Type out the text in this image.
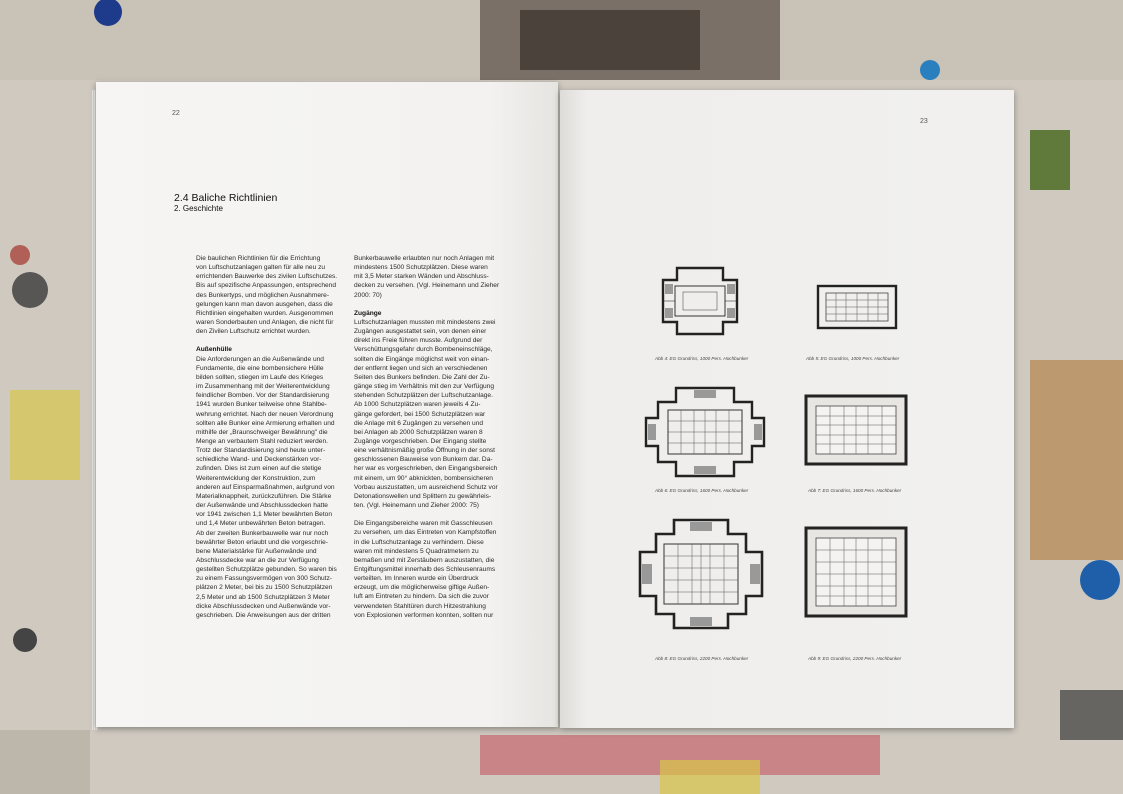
22
2.4 Baliche Richtlinien
2. Geschichte

Die baulichen Richtlinien für die Errichtung

von Luftschutzanlagen galten für alle neu zu

errichtenden Bauwerke des zivilen Luftschutzes.

Bis auf spezifische Anpassungen, entsprechend

des Bunkertyps, und möglichen Ausnahmere-

gelungen kann man davon ausgehen, dass die

Richtlinien eingehalten wurden. Ausgenommen

waren Sonderbauten und Anlagen, die nicht für

den Zivilen Luftschutz errichtet wurden.

Außenhülle

Die Anforderungen an die Außenwände und

Fundamente, die eine bombensichere Hülle

bilden sollten, stiegen im Laufe des Krieges

im Zusammenhang mit der Weiterentwicklung

feindlicher Bomben. Vor der Standardisierung

1941 wurden Bunker teilweise ohne Stahlbe-

wehrung errichtet. Nach der neuen Verordnung

sollten alle Bunker eine Armierung erhalten und

mithilfe der „Braunschweiger Bewährung" die

Menge an verbautem Stahl reduziert werden.

Trotz der Standardisierung sind heute unter-

schiedliche Wand- und Deckenstärken vor-

zufinden. Dies ist zum einen auf die stetige

Weiterentwicklung der Konstruktion, zum

anderen auf Einsparmaßnahmen, aufgrund von

Materialknappheit, zurückzuführen. Die Stärke

der Außenwände und Abschlussdecken hatte

vor 1941 zwischen 1,1 Meter bewährten Beton

und 1,4 Meter unbewährten Beton betragen.

Ab der zweiten Bunkerbauwelle war nur noch

bewährter Beton erlaubt und die vorgeschrie-

bene Materialstärke für Außenwände und

Abschlussdecke war an die zur Verfügung

gestellten Schutzplätze gebunden. So waren bis

zu einem Fassungsvermögen von 300 Schutz-

plätzen 2 Meter, bei bis zu 1500 Schutzplätzen

2,5 Meter und ab 1500 Schutzplätzen 3 Meter

dicke Abschlussdecken und Außenwände vor-

geschrieben. Die Anweisungen aus der dritten

Bunkerbauwelle erlaubten nur noch Anlagen mit

mindestens 1500 Schutzplätzen. Diese waren

mit 3,5 Meter starken Wänden und Abschluss-

decken zu versehen. (Vgl. Heinemann und Zieher

2000: 70)

Zugänge

Luftschutzanlagen mussten mit mindestens zwei

Zugängen ausgestattet sein, von denen einer

direkt ins Freie führen musste. Aufgrund der

Verschüttungsgefahr durch Bombeneinschläge,

sollten die Eingänge möglichst weit von einan-

der entfernt liegen und sich an verschiedenen

Seiten des Bunkers befinden. Die Zahl der Zu-

gänge stieg im Verhältnis mit den zur Verfügung

stehenden Schutzplätzen der Luftschutzanlage.

Ab 1000 Schutzplätzen waren jeweils 4 Zu-

gänge gefordert, bei 1500 Schutzplätzen war

die Anlage mit 6 Zugängen zu versehen und

bei Anlagen ab 2000 Schutzplätzen waren 8

Zugänge vorgeschrieben. Der Eingang stellte

eine verhältnismäßig große Öffnung in der sonst

geschlossenen Bauweise von Bunkern dar. Da-

her war es vorgeschrieben, den Eingangsbereich

mit einem, um 90° abknickten, bombensicheren

Vorbau auszustatten, um ausreichend Schutz vor

Detonationswellen und Splittern zu gewährleis-

ten. (Vgl. Heinemann und Zieher 2000: 75)

Die Eingangsbereiche waren mit Gasschleusen

zu versehen, um das Eintreten von Kampfstoffen

in die Luftschutzanlage zu verhindern. Diese

waren mit mindestens 5 Quadratmetern zu

bemaßen und mit Zerstäubern auszustatten, die

Entgiftungsmittel innerhalb des Schleusenraums

verteilten. Im Inneren wurde ein Überdruck

erzeugt, um die möglicherweise giftige Außen-

luft am Eintreten zu hindern. Da sich die zuvor

verwendeten Stahltüren durch Hitzestrahlung

von Explosionen verformen konnten, sollten nur

23
Abb 4: EG Grundriss, 1000 Pers. Hochbunker	Abb 5: EG Grundriss, 1000 Pers. Hochbunker
Abb 6: EG Grundriss, 1600 Pers. Hochbunker	Abb 7: EG Grundriss, 1600 Pers. Hochbunker
Abb 8: EG Grundriss, 2200 Pers. Hochbunker	Abb 9: EG Grundriss, 2200 Pers. Hochbunker
